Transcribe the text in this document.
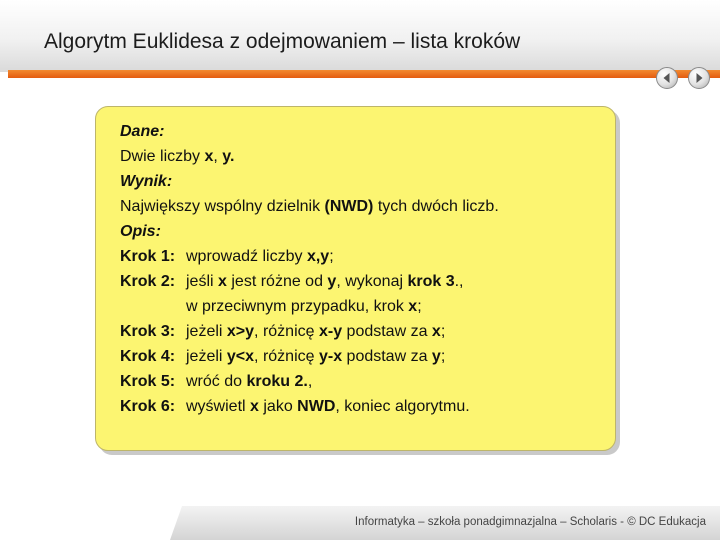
Algorytm Euklidesa z odejmowaniem – lista kroków
Dane:
Dwie liczby x, y.
Wynik:
Największy wspólny dzielnik (NWD) tych dwóch liczb.
Opis:
Krok 1: wprowadź liczby x,y;
Krok 2: jeśli x jest różne od y, wykonaj krok 3.,
w przeciwnym przypadku, krok x;
Krok 3: jeżeli x>y, różnicę x-y podstaw za x;
Krok 4: jeżeli y<x, różnicę y-x podstaw za y;
Krok 5: wróć do kroku 2.,
Krok 6: wyświetl x jako NWD, koniec algorytmu.
Informatyka – szkoła ponadgimnazjalna – Scholaris - © DC Edukacja
